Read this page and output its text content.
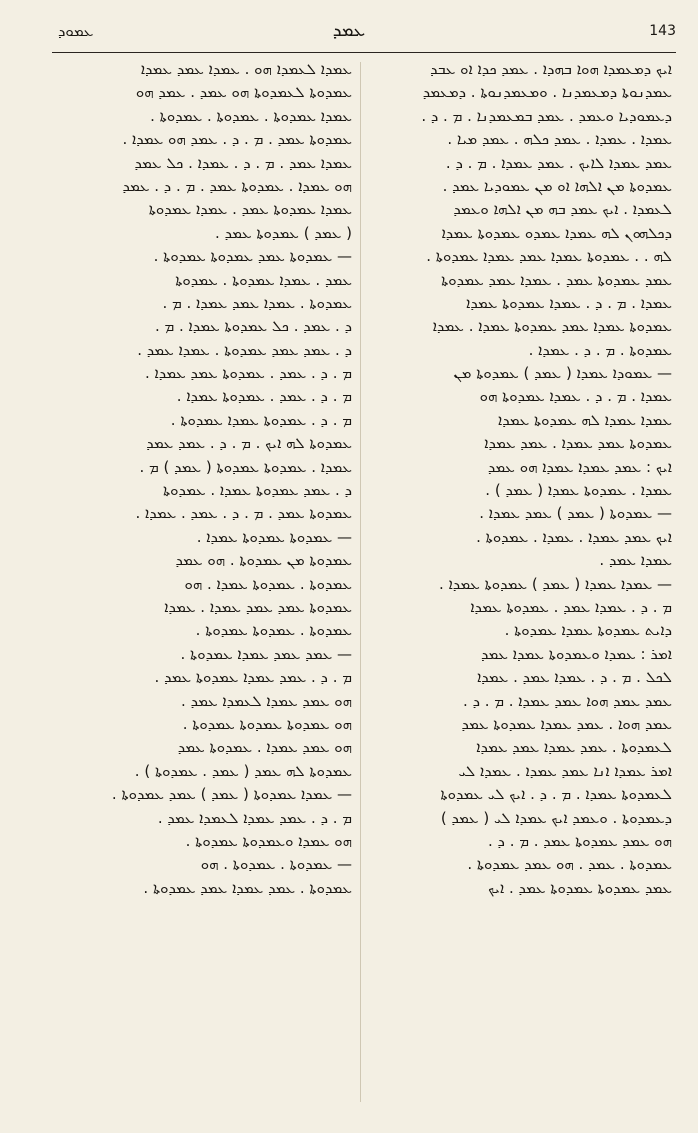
ܥܡܘܕ	ܥܡܕ	143
ܥܡܕܐ ܠܥܡܕܐ ܗܘ . ܥܡܕܐ ܥܡܕ ܥܡܕܐ
ܥܡܕܘܬܐ ܠܥܡܕܘܬܐ ܗܘ ܥܡܕ . ܥܡܕ ܗܘ
ܥܡܕܐ ܥܡܕܘܬܐ . ܥܡܕܘܬܐ . ܥܡܕܘܬܐ .
ܥܡܕܘܬܐ ܥܡܕ . ܡ . ܕ . ܥܡܕ ܗܘ ܥܡܕܐ .
ܥܡܕܐ ܥܡܕ . ܡ . ܕ . ܥܡܕܐ . ܟܠ ܥܡܕ
ܗܘ ܥܡܕܐ . ܥܡܕܘܬܐ ܥܡܕ . ܡ . ܕ . ܥܡܕ
ܥܡܕܐ ܥܡܕܘܬܐ ܥܡܕ . ܥܡܕܐ ܥܡܕܘܬܐ
( ܥܡܕ ) ܥܡܕܘܬܐ ܥܡܕ .
— ܥܡܕܘܬܐ ܥܡܕ ܥܡܕܘܬܐ ܥܡܕܘܬܐ .
ܥܡܕ . ܥܡܕܐ ܥܡܕܘܬܐ . ܥܡܕܘܬܐ
ܥܡܕܘܬܐ . ܥܡܕܐ ܥܡܕ ܥܡܕܐ . ܡ .
ܕ . ܥܡܕ . ܟܠ ܥܡܕܘܬܐ ܥܡܕܐ . ܡ .
ܕ . ܥܡܕ ܥܡܕ ܥܡܕܘܬܐ . ܥܡܕܐ ܥܡܕ .
ܡ . ܕ . ܥܡܕ . ܥܡܕܘܬܐ ܥܡܕ ܥܡܕܐ .
ܡ . ܕ . ܥܡܕ . ܥܡܕܘܬܐ ܥܡܕܐ .
ܡ . ܕ . ܥܡܕܘܬܐ ܥܡܕܐ ܥܡܕܘܬܐ .
ܥܡܕܘܬܐ ܠܗ ܐܝܟ . ܡ . ܕ . ܥܡܕ ܥܡܕ
ܥܡܕܐ . ܥܡܕܘܬܐ ܥܡܕܘܬܐ ( ܥܡܕ ) ܡ .
ܕ . ܥܡܕ ܥܡܕܘܬܐ ܥܡܕܐ . ܥܡܕܘܬܐ
ܥܡܕܘܬܐ ܥܡܕ . ܡ . ܕ . ܥܡܕ . ܥܡܕܐ .
— ܥܡܕܘܬܐ ܥܡܕܘܬܐ ܥܡܕܐ .
ܥܡܕܘܬܐ ܡܢ ܥܡܕܘܬܐ . ܗܘ ܥܡܕ
ܥܡܕܘܬܐ . ܥܡܕܘܬܐ ܥܡܕܐ . ܗܘ
ܥܡܕܘܬܐ ܥܡܕ ܥܡܕ ܥܡܕܐ . ܥܡܕܐ
ܥܡܕܘܬܐ . ܥܡܕܘܬܐ ܥܡܕܘܬܐ .
— ܥܡܕ ܥܡܕ ܥܡܕܐ ܥܡܕܘܬܐ .
ܡ . ܕ . ܥܡܕ ܥܡܕܐ ܥܡܕܘܬܐ ܥܡܕ .
ܗܘ ܥܡܕ ܥܡܕܐ ܠܥܡܕܐ ܥܡܕ .
ܗܘ ܥܡܕܘܬܐ ܥܡܕܘܬܐ ܥܡܕܘܬܐ .
ܗܘ ܥܡܕ ܥܡܕܐ . ܥܡܕܘܬܐ ܥܡܕ
ܥܡܕܘܬܐ ܠܗ ܥܡܕ ( ܥܡܕ . ܥܡܕܘܬܐ ) .
— ܥܡܕܐ ܥܡܕܘܬܐ ( ܥܡܕ ) ܥܡܕ ܥܡܕܘܬܐ .
ܡ . ܕ . ܥܡܕ ܥܡܕܐ ܠܥܡܕܐ ܥܡܕ .
ܗܘ ܥܡܕܐ ܘܥܡܕܘܬܐ ܥܡܕܘܬܐ .
— ܥܡܕܘܬܐ . ܥܡܕܘܬܐ . ܗܘ
ܥܡܕܘܬܐ . ܥܡܕ ܥܡܕܐ ܥܡܕ ܥܡܕܘܬܐ .
ܐܝܟ ܕܡܥܡܕܐ ܗܘܐ ܒܗܕܐ . ܥܡܕ ܟܕܐ ܐܘ ܥܒܕ
ܥܡܕܢܘܬܐ ܕܡܥܡܕܢܐ . ܘܡܥܡܕܢܘܬܐ . ܕܡܥܡܕ
ܕܥܡܘܕܝܐ ܘܥܡܕ . ܥܡܕ ܒܡܥܡܕܢܐ . ܡ . ܕ .
ܥܡܕܐ . ܥܡܕܐ . ܥܡܕ ܟܠܗ . ܥܡܕ ܡܝܐ .
ܥܡܕ ܥܡܕܐ ܠܐܝܟ . ܥܡܕ ܥܡܕܐ . ܡ . ܕ .
ܥܡܕܘܬܐ ܡܢ ܐܠܗܐ ܐܘ ܡܢ ܥܡܘܕܝܐ ܥܡܕ .
ܠܥܡܕܐ . ܐܝܟ ܥܡܕ ܒܗ ܡܢ ܐܠܗܐ ܘܥܡܕ
ܕܟܠܗܘܢ ܠܗ ܥܡܕܐ ܥܡܕܘ ܥܡܕܘܬܐ ܥܡܕܐ
ܠܗ . . ܥܡܕܘܬܐ ܥܡܕܐ ܥܡܕ ܥܡܕܐ ܥܡܕܘܬܐ .
ܥܡܕ ܥܡܕܘܬܐ ܥܡܕ . ܥܡܕܐ ܥܡܕ ܥܡܕܘܬܐ
ܥܡܕܐ . ܡ . ܕ . ܥܡܕܐ ܥܡܕܘܬܐ ܥܡܕܐ
ܥܡܕܘܬܐ ܥܡܕܐ ܥܡܕ ܥܡܕܘܬܐ ܥܡܕܐ . ܥܡܕܐ
ܥܡܕܘܬܐ . ܡ . ܕ . ܥܡܕܐ .
— ܥܡܘܕܐ ܥܡܕܐ ( ܥܡܕ ) ܥܡܕܘܬܐ ܡܢ
ܥܡܕܐ . ܡ . ܕ . ܥܡܕܐ ܥܡܕܘܬܐ ܗܘ
ܥܡܕܐ ܥܡܕܐ ܠܗ ܥܡܕܘܬܐ ܥܡܕܐ
ܥܡܕܘܬܐ ܥܡܕ ܥܡܕܐ . ܥܡܕ ܥܡܕܐ
ܐܝܟ : ܥܡܕ ܥܡܕܐ ܥܡܕܐ ܗܘ ܥܡܕ
ܥܡܕܐ . ܥܡܕܘܬܐ ܥܡܕܐ ( ܥܡܕ ) .
— ܥܡܕܘܬܐ ( ܥܡܕ ) ܥܡܕ ܥܡܕܐ .
ܐܝܟ ܥܡܕ ܥܡܕܐ . ܥܡܕܐ . ܥܡܕܘܬܐ .
ܥܡܕܐ ܥܡܕ .
— ܥܡܕܐ ܥܡܕܐ ( ܥܡܕ ) ܥܡܕܘܬܐ ܥܡܕܐ .
ܡ . ܕ . ܥܡܕܐ ܥܡܕ . ܥܡܕܘܬܐ ܥܡܕܐ
ܕܐܝܬ ܥܡܕܘܬܐ ܥܡܕܐ ܥܡܕܘܬܐ .
ܐܡܪ : ܥܡܕܐ ܘܥܡܕܘܬܐ ܥܡܕܐ ܥܡܕ
ܠܟܠ . ܡ . ܕ . ܥܡܕܐ ܥܡܕ . ܥܡܕܐ
ܥܡܕ ܥܡܕ ܗܘܐ ܥܡܕ ܥܡܕܐ . ܡ . ܕ .
ܥܡܕ ܗܘܐ . ܥܡܕ ܥܡܕܐ ܥܡܕܘܬܐ ܥܡܕ
ܠܥܡܕܘܬܐ . ܥܡܕ ܥܡܕܐ ܥܡܕ ܥܡܕܐ
ܐܡܪ ܥܡܕܐ ܐܢܐ ܥܡܕ ܥܡܕܐ . ܥܡܕܐ ܠܝ
ܠܥܡܕܘܬܐ ܥܡܕܐ . ܡ . ܕ . ܐܝܟ ܠܝ ܥܡܕܘܬܐ
ܕܥܡܕܘܬܐ . ܘܥܡܕ ܐܝܟ ܥܡܕܐ ܠܝ ( ܥܡܕ )
ܗܘ ܥܡܕ ܥܡܕܘܬܐ ܥܡܕ . ܡ . ܕ .
ܥܡܕܘܬܐ . ܥܡܕ . ܗܘ ܥܡܕ ܥܡܕܘܬܐ .
ܥܡܕ ܥܡܕܘܬܐ ܥܡܕܘܬܐ ܥܡܕ . ܐܝܟ
